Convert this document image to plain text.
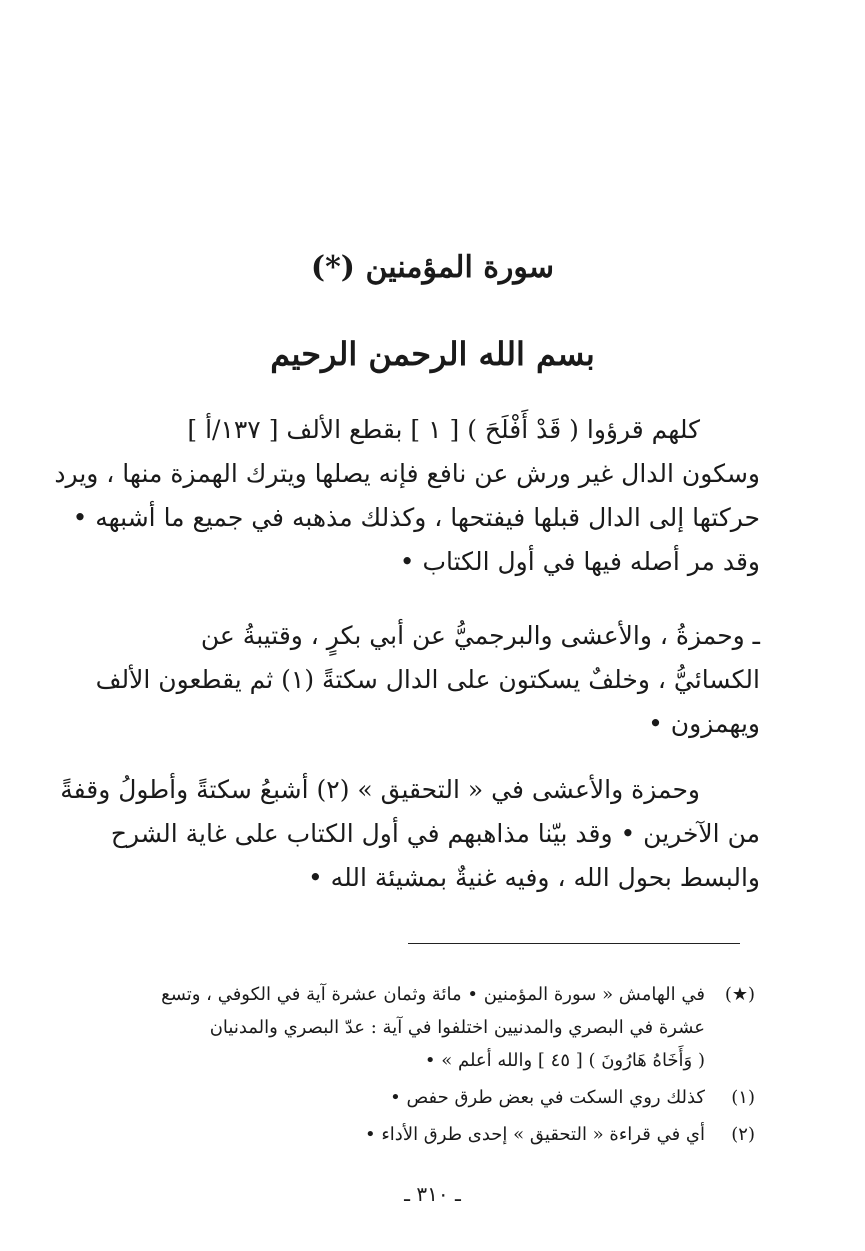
سورة المؤمنين (*)
بسم الله الرحمن الرحيم
كلهم قرؤوا ( قَدْ أَفْلَحَ ) [ ١ ] بقطع الألف [ ١٣٧/أ ]
وسكون الدال غير ورش عن نافع فإنه يصلها ويترك الهمزة منها ، ويرد
حركتها إلى الدال قبلها فيفتحها ، وكذلك مذهبه في جميع ما أشبهه •
وقد مر أصله فيها في أول الكتاب •
ـ وحمزةُ ، والأعشى والبرجميُّ عن أبي بكرٍ ، وقتيبةُ عن
الكسائيُّ ، وخلفٌ يسكتون على الدال سكتةً (١) ثم يقطعون الألف
ويهمزون •
وحمزة والأعشى في « التحقيق » (٢) أشبعُ سكتةً وأطولُ وقفةً
من الآخرين • وقد بيّنا مذاهبهم في أول الكتاب على غاية الشرح
والبسط بحول الله ، وفيه غنيةٌ بمشيئة الله •
(★)
في الهامش « سورة المؤمنين • مائة وثمان عشرة آية في الكوفي ، وتسع
عشرة في البصري والمدنيين اختلفوا في آية : عدّ البصري والمدنيان
( وَأَخَاهُ هَارُونَ ) [ ٤٥ ] والله أعلم » •
(١)
كذلك روي السكت في بعض طرق حفص •
(٢)
أي في قراءة « التحقيق » إحدى طرق الأداء •
ـ ٣١٠ ـ
